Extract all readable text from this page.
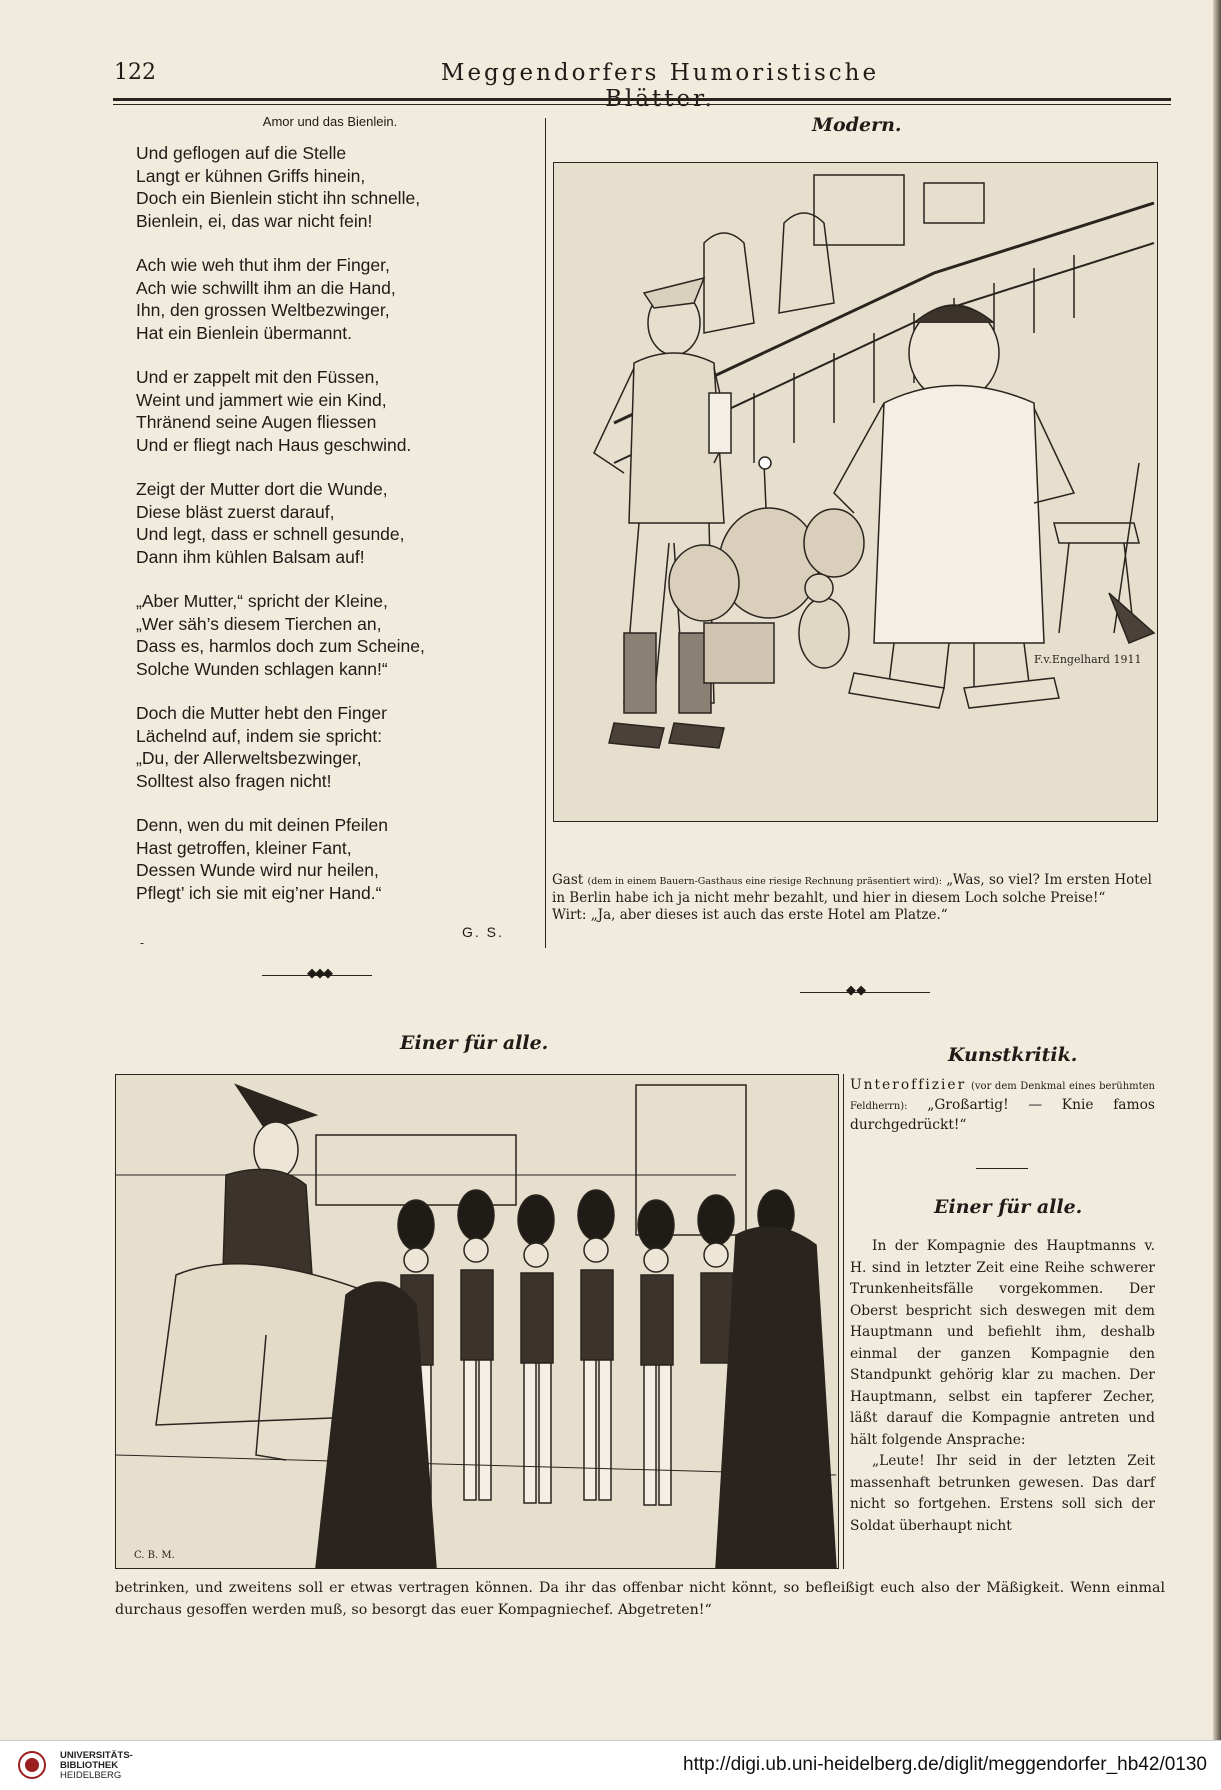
122	Meggendorfers Humoristische Blätter.
Amor und das Bienlein.
Und geflogen auf die Stelle
Langt er kühnen Griffs hinein,
Doch ein Bienlein sticht ihn schnelle,
Bienlein, ei, das war nicht fein!
Ach wie weh thut ihm der Finger,
Ach wie schwillt ihm an die Hand,
Ihn, den grossen Weltbezwinger,
Hat ein Bienlein übermannt.
Und er zappelt mit den Füssen,
Weint und jammert wie ein Kind,
Thränend seine Augen fliessen
Und er fliegt nach Haus geschwind.
Zeigt der Mutter dort die Wunde,
Diese bläst zuerst darauf,
Und legt, dass er schnell gesunde,
Dann ihm kühlen Balsam auf!
„Aber Mutter,“ spricht der Kleine,
„Wer säh’s diesem Tierchen an,
Dass es, harmlos doch zum Scheine,
Solche Wunden schlagen kann!“
Doch die Mutter hebt den Finger
Lächelnd auf, indem sie spricht:
„Du, der Allerweltsbezwinger,
Solltest also fragen nicht!
Denn, wen du mit deinen Pfeilen
Hast getroffen, kleiner Fant,
Dessen Wunde wird nur heilen,
Pflegt’ ich sie mit eig’ner Hand.“
-
G. S.
◆◆◆
◆ ◆
Modern.
F.v.Engelhard 1911
Gast (dem in einem Bauern-Gasthaus eine riesige Rechnung präsentiert wird): „Was, so viel? Im ersten Hotel in Berlin habe ich ja nicht mehr bezahlt, und hier in diesem Loch solche Preise!“
Wirt: „Ja, aber dieses ist auch das erste Hotel am Platze.“
Einer für alle.
C. B. M.
Kunstkritik.
Unteroffizier (vor dem Denkmal eines berühmten Feldherrn): „Großartig! — Knie famos durchgedrückt!“
Einer für alle.
In der Kompagnie des Hauptmanns v. H. sind in letzter Zeit eine Reihe schwerer Trunkenheitsfälle vorgekommen. Der Oberst bespricht sich deswegen mit dem Hauptmann und befiehlt ihm, deshalb einmal der ganzen Kompagnie den Standpunkt gehörig klar zu machen. Der Hauptmann, selbst ein tapferer Zecher, läßt darauf die Kompagnie antreten und hält folgende Ansprache:
„Leute! Ihr seid in der letzten Zeit massenhaft betrunken gewesen. Das darf nicht so fortgehen. Erstens soll sich der Soldat überhaupt nicht
betrinken, und zweitens soll er etwas vertragen können. Da ihr das offenbar nicht könnt, so befleißigt euch also der Mäßigkeit. Wenn einmal durchaus gesoffen werden muß, so besorgt das euer Kompagniechef. Abgetreten!“
UNIVERSITÄTS-
BIBLIOTHEK
HEIDELBERG
http://digi.ub.uni-heidelberg.de/diglit/meggendorfer_hb42/0130
